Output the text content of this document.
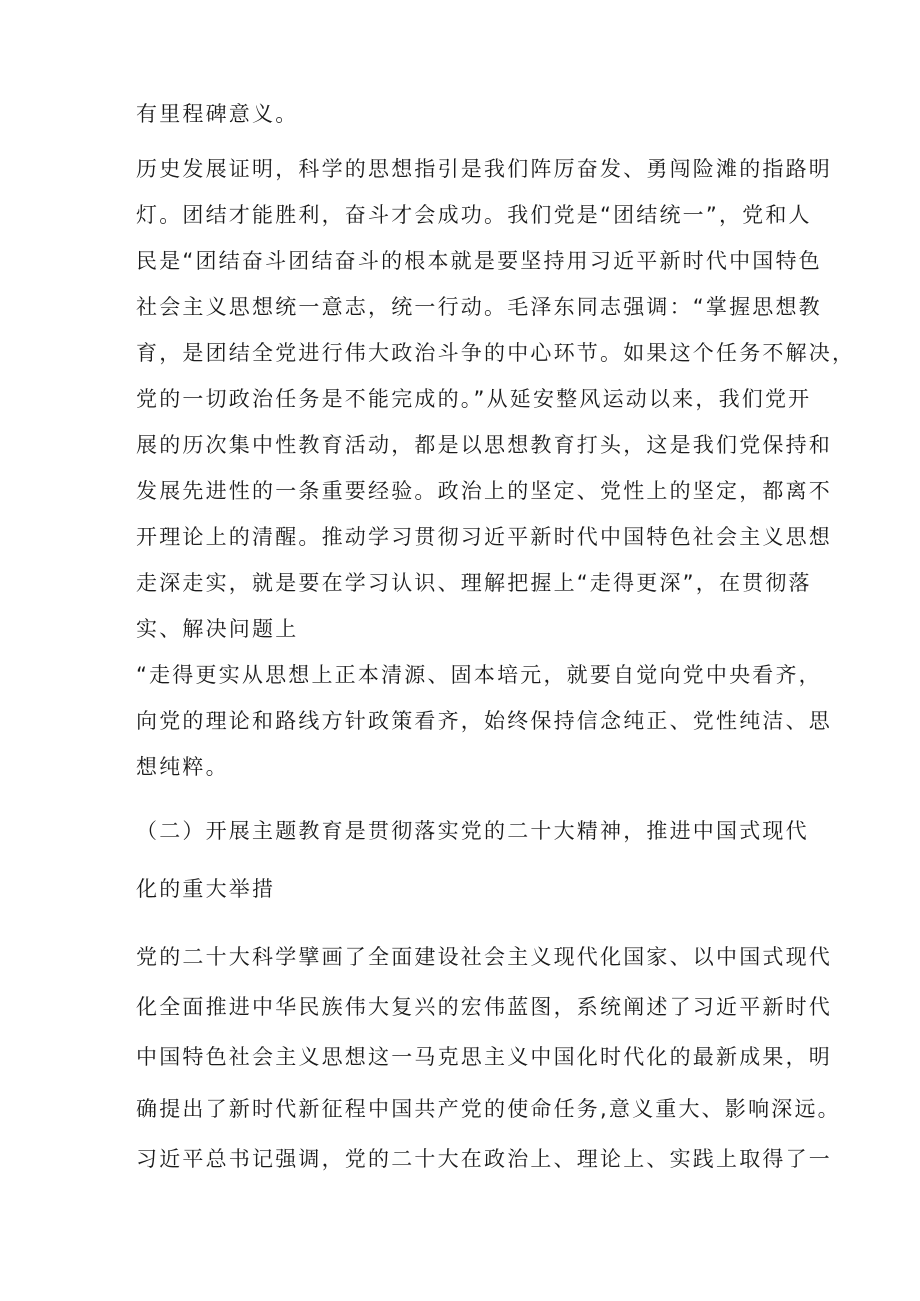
有里程碑意义。
历史发展证明，科学的思想指引是我们阵厉奋发、勇闯险滩的指路明
灯。团结才能胜利，奋斗才会成功。我们党是“团结统一”，党和人
民是“团结奋斗团结奋斗的根本就是要坚持用习近平新时代中国特色
社会主义思想统一意志，统一行动。毛泽东同志强调：“掌握思想教
育，是团结全党进行伟大政治斗争的中心环节。如果这个任务不解决，
党的一切政治任务是不能完成的。”从延安整风运动以来，我们党开
展的历次集中性教育活动，都是以思想教育打头，这是我们党保持和
发展先进性的一条重要经验。政治上的坚定、党性上的坚定，都离不
开理论上的清醒。推动学习贯彻习近平新时代中国特色社会主义思想
走深走实，就是要在学习认识、理解把握上“走得更深”，在贯彻落
实、解决问题上
“走得更实从思想上正本清源、固本培元，就要自觉向党中央看齐，
向党的理论和路线方针政策看齐，始终保持信念纯正、党性纯洁、思
想纯粹。
（二）开展主题教育是贯彻落实党的二十大精神，推进中国式现代
化的重大举措
党的二十大科学擘画了全面建设社会主义现代化国家、以中国式现代
化全面推进中华民族伟大复兴的宏伟蓝图，系统阐述了习近平新时代
中国特色社会主义思想这一马克思主义中国化时代化的最新成果，明
确提出了新时代新征程中国共产党的使命任务,意义重大、影响深远。
习近平总书记强调，党的二十大在政治上、理论上、实践上取得了一
